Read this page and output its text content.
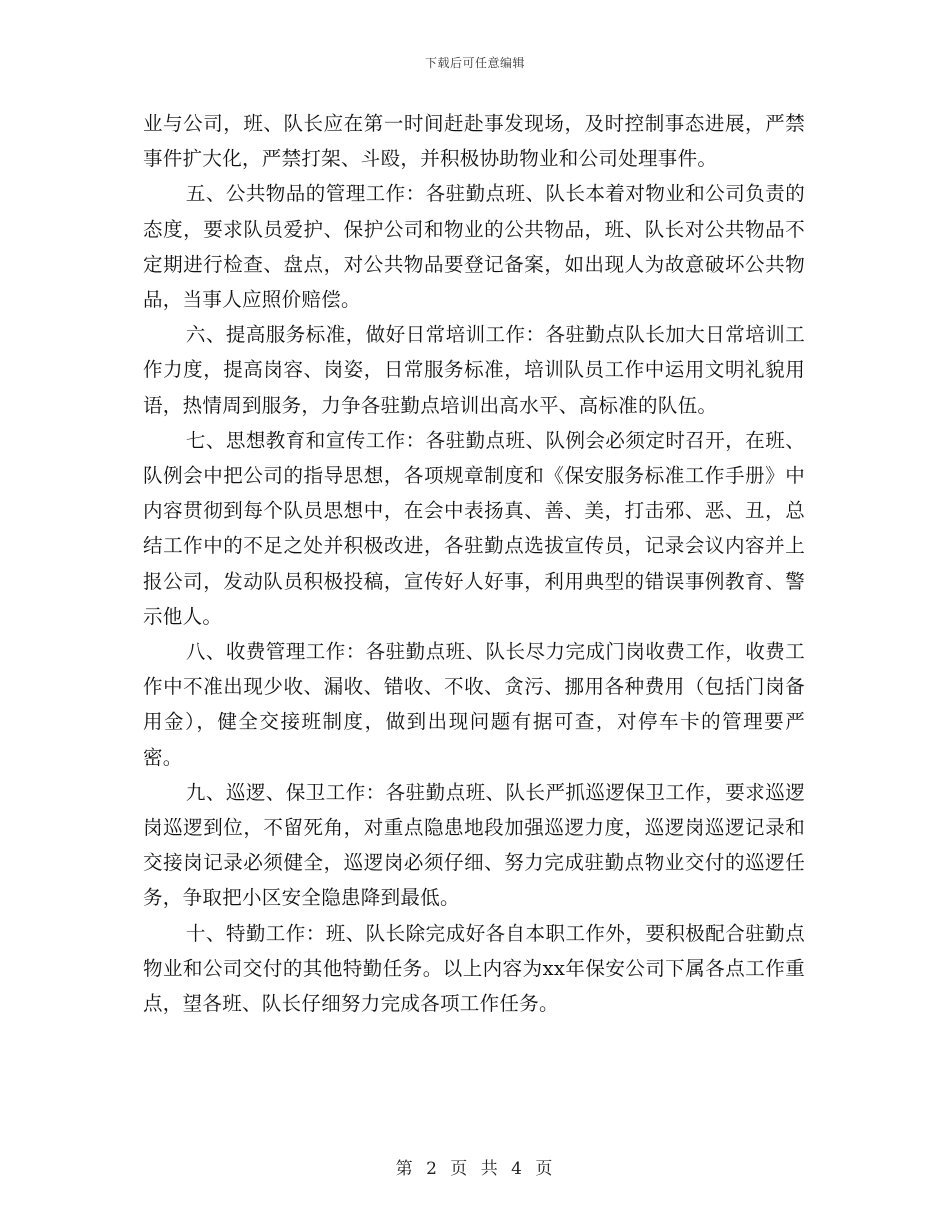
下载后可任意编辑

业与公司，班、队长应在第一时间赶赴事发现场，及时控制事态进展，严禁事件扩大化，严禁打架、斗殴，并积极协助物业和公司处理事件。

五、公共物品的管理工作：各驻勤点班、队长本着对物业和公司负责的态度，要求队员爱护、保护公司和物业的公共物品，班、队长对公共物品不定期进行检查、盘点，对公共物品要登记备案，如出现人为故意破坏公共物品，当事人应照价赔偿。

六、提高服务标准，做好日常培训工作：各驻勤点队长加大日常培训工作力度，提高岗容、岗姿，日常服务标准，培训队员工作中运用文明礼貌用语，热情周到服务，力争各驻勤点培训出高水平、高标准的队伍。

七、思想教育和宣传工作：各驻勤点班、队例会必须定时召开，在班、队例会中把公司的指导思想，各项规章制度和《保安服务标准工作手册》中内容贯彻到每个队员思想中，在会中表扬真、善、美，打击邪、恶、丑，总结工作中的不足之处并积极改进，各驻勤点选拔宣传员，记录会议内容并上报公司，发动队员积极投稿，宣传好人好事，利用典型的错误事例教育、警示他人。

八、收费管理工作：各驻勤点班、队长尽力完成门岗收费工作，收费工作中不准出现少收、漏收、错收、不收、贪污、挪用各种费用（包括门岗备用金），健全交接班制度，做到出现问题有据可查，对停车卡的管理要严密。

九、巡逻、保卫工作：各驻勤点班、队长严抓巡逻保卫工作，要求巡逻岗巡逻到位，不留死角，对重点隐患地段加强巡逻力度，巡逻岗巡逻记录和交接岗记录必须健全，巡逻岗必须仔细、努力完成驻勤点物业交付的巡逻任务，争取把小区安全隐患降到最低。

十、特勤工作：班、队长除完成好各自本职工作外，要积极配合驻勤点物业和公司交付的其他特勤任务。以上内容为xx年保安公司下属各点工作重点，望各班、队长仔细努力完成各项工作任务。

第 2 页 共 4 页
